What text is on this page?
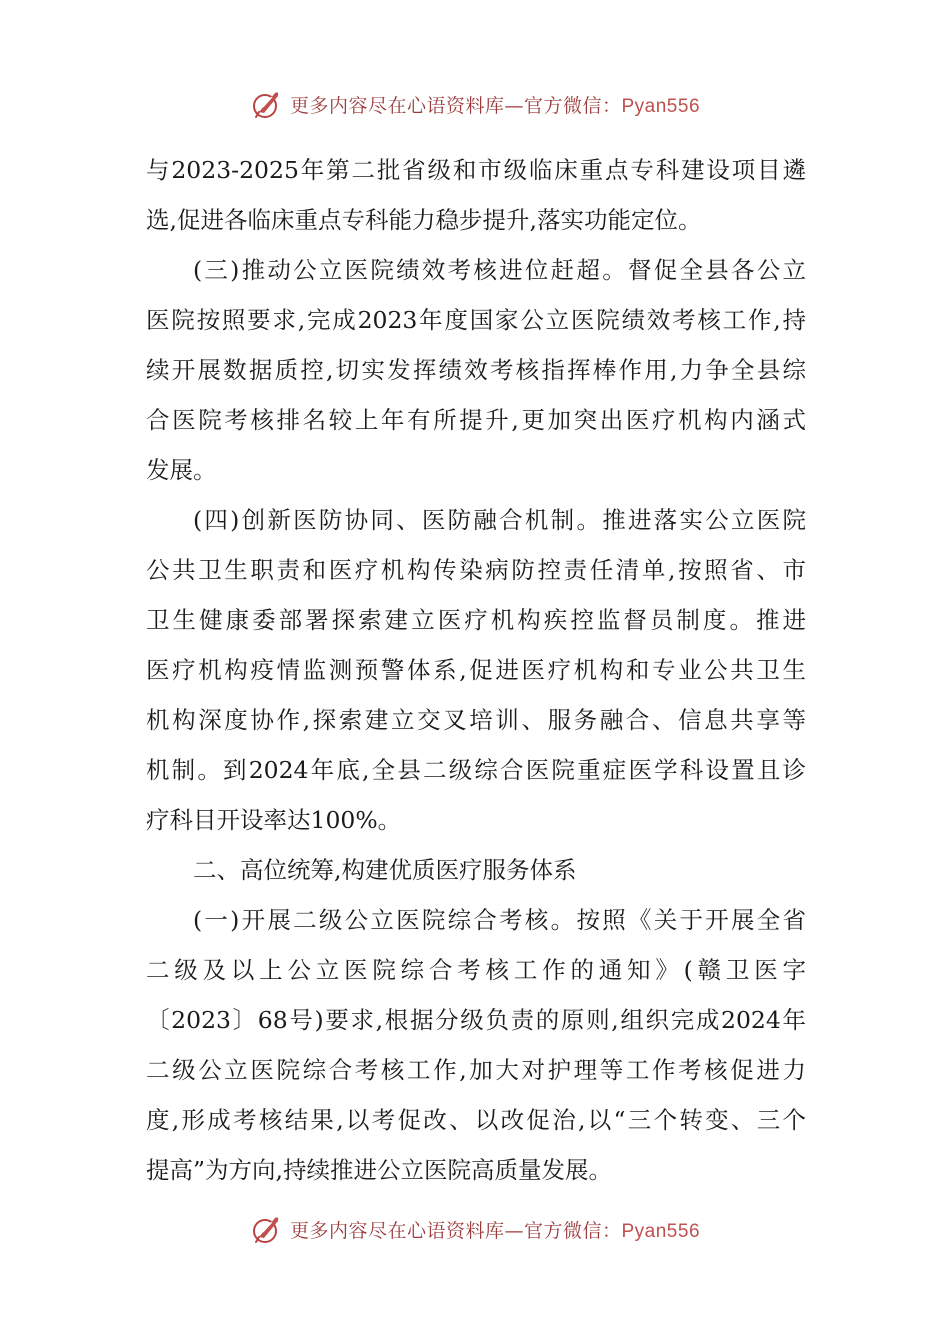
更多内容尽在心语资料库—官方微信：Pyan556
与2023-2025年第二批省级和市级临床重点专科建设项目遴
选,促进各临床重点专科能力稳步提升,落实功能定位。
(三)推动公立医院绩效考核进位赶超。督促全县各公立
医院按照要求,完成2023年度国家公立医院绩效考核工作,持
续开展数据质控,切实发挥绩效考核指挥棒作用,力争全县综
合医院考核排名较上年有所提升,更加突出医疗机构内涵式
发展。
(四)创新医防协同、医防融合机制。推进落实公立医院
公共卫生职责和医疗机构传染病防控责任清单,按照省、市
卫生健康委部署探索建立医疗机构疾控监督员制度。推进
医疗机构疫情监测预警体系,促进医疗机构和专业公共卫生
机构深度协作,探索建立交叉培训、服务融合、信息共享等
机制。到2024年底,全县二级综合医院重症医学科设置且诊
疗科目开设率达100%。
二、高位统筹,构建优质医疗服务体系
(一)开展二级公立医院综合考核。按照《关于开展全省
二级及以上公立医院综合考核工作的通知》(赣卫医字
〔2023〕68号)要求,根据分级负责的原则,组织完成2024年
二级公立医院综合考核工作,加大对护理等工作考核促进力
度,形成考核结果,以考促改、以改促治,以“三个转变、三个
提高”为方向,持续推进公立医院高质量发展。
更多内容尽在心语资料库—官方微信：Pyan556
